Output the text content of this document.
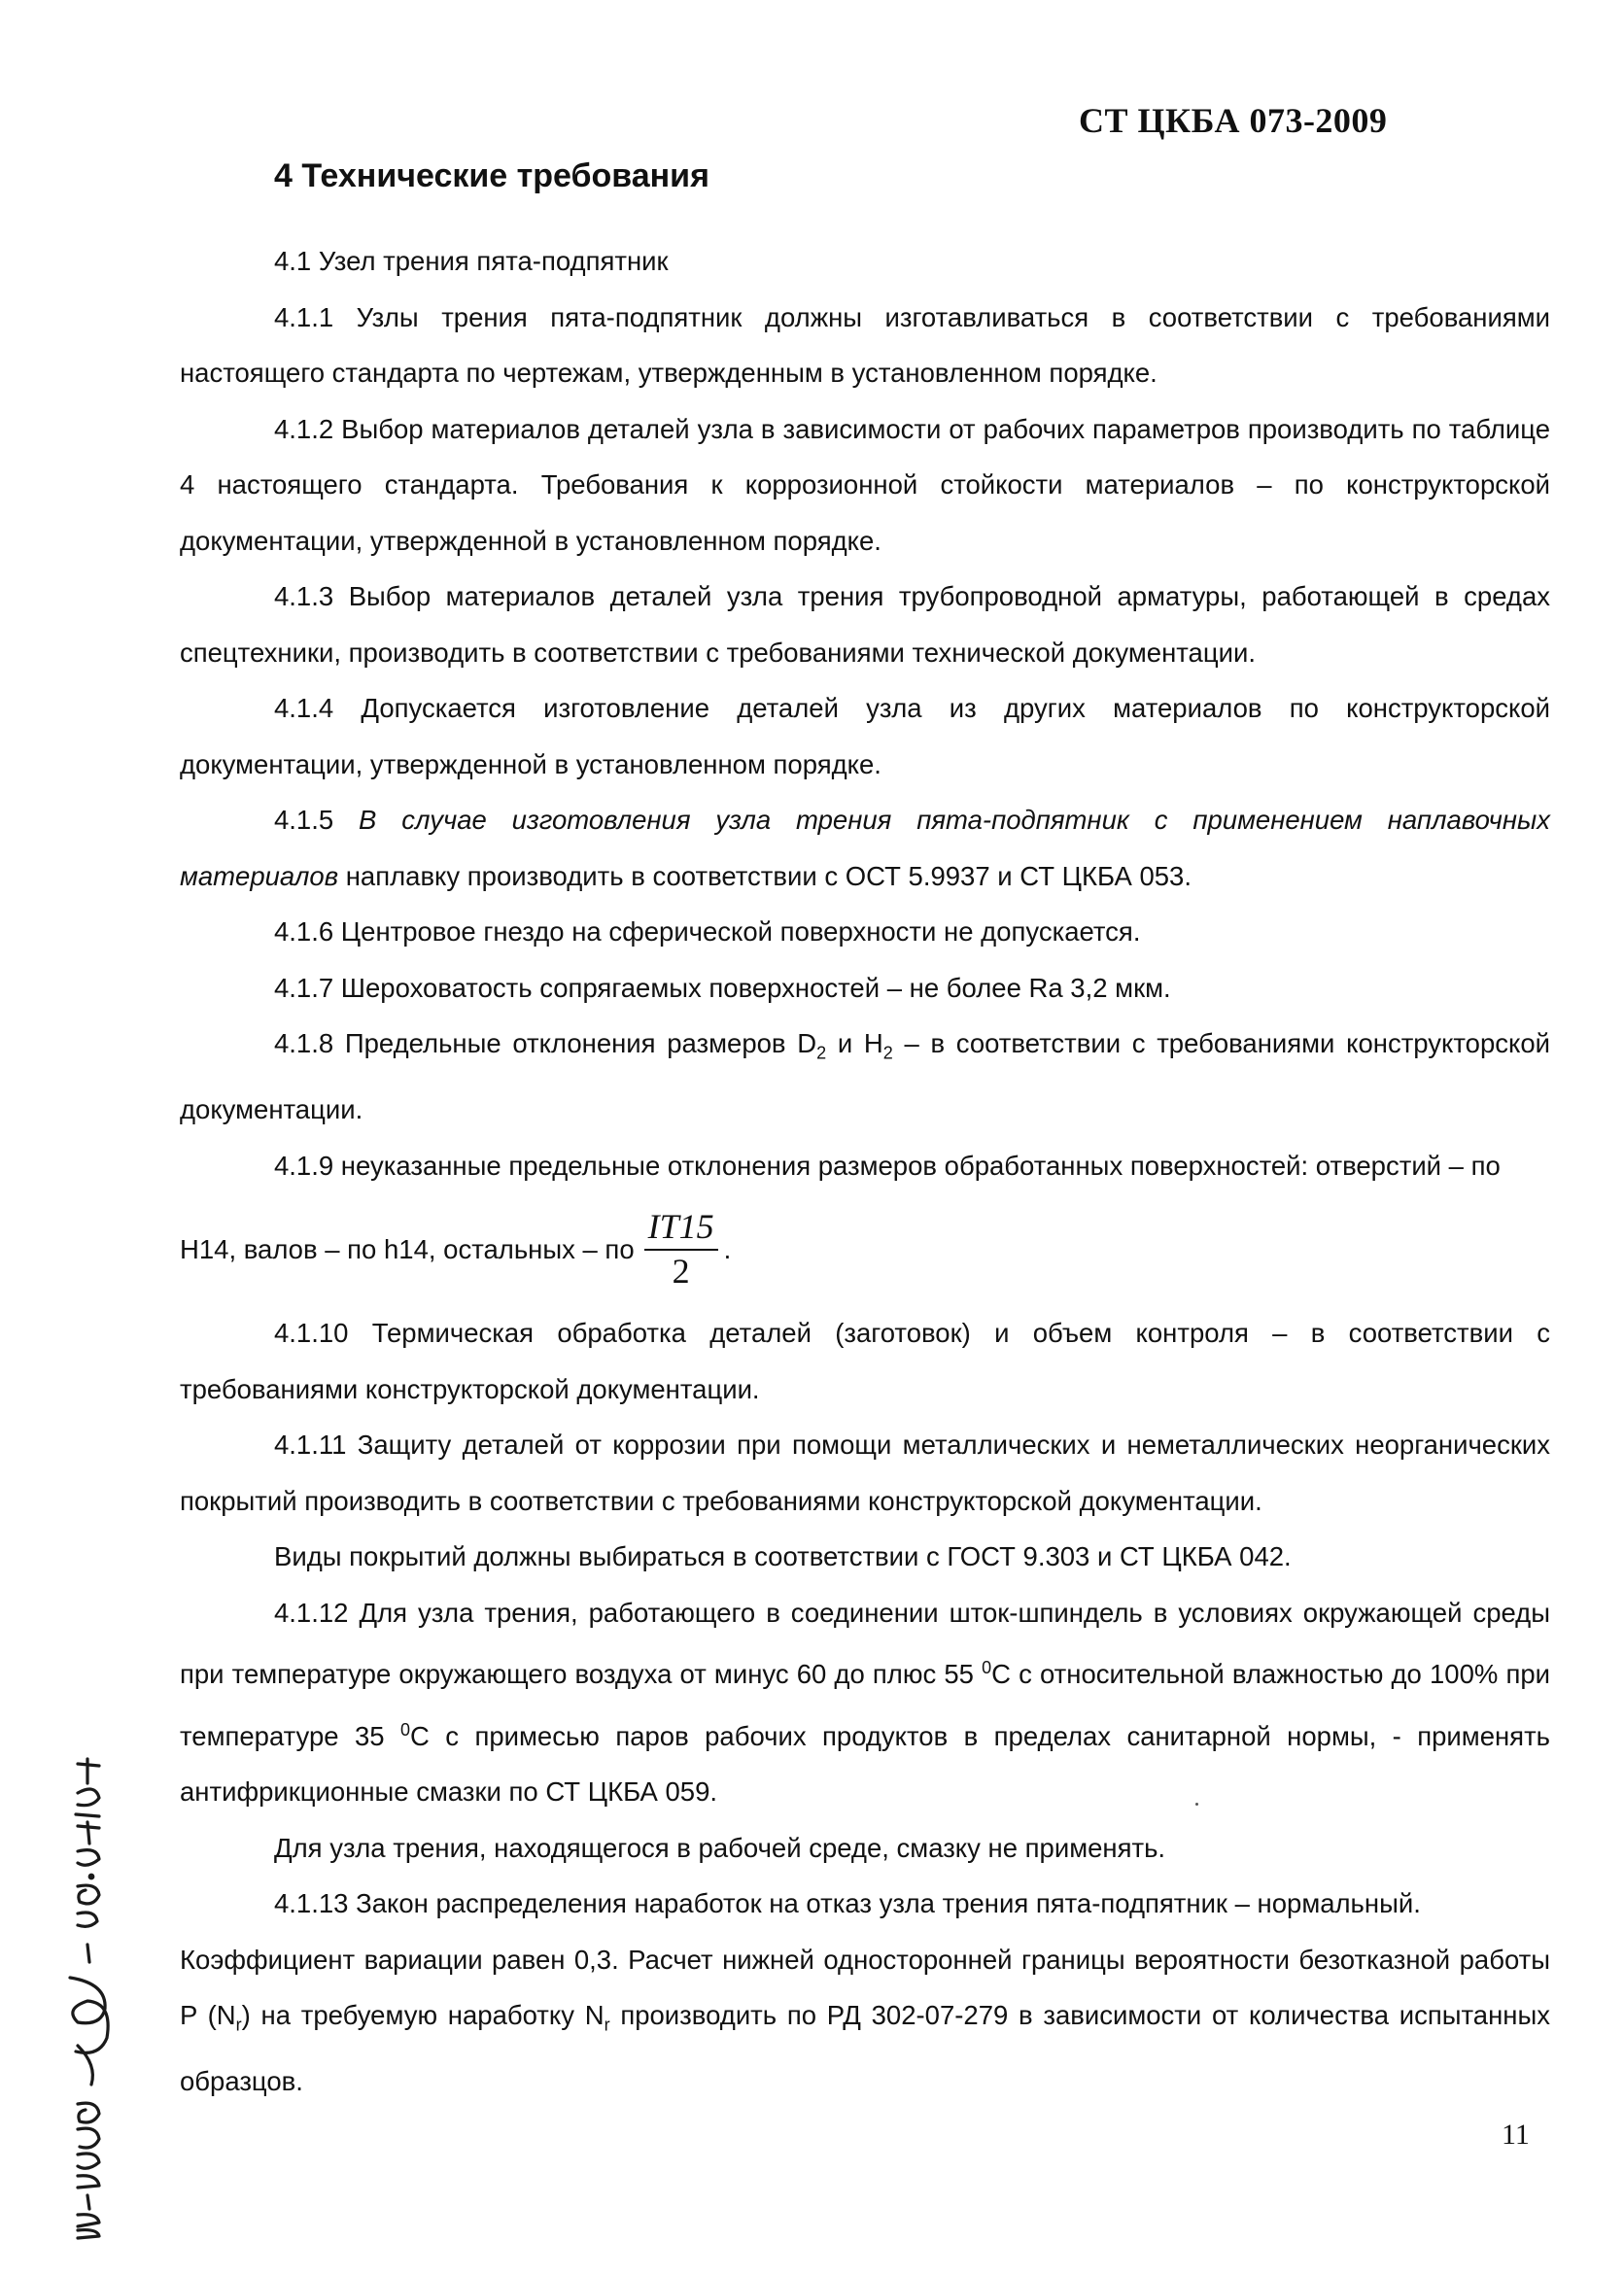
СТ ЦКБА 073-2009
4 Технические требования

4.1 Узел трения пята-подпятник

4.1.1 Узлы трения пята-подпятник должны изготавливаться в соответствии с требованиями настоящего стандарта по чертежам, утвержденным в установленном порядке.

4.1.2 Выбор материалов деталей узла в зависимости от рабочих параметров производить по таблице 4 настоящего стандарта. Требования к коррозионной стойкости материалов – по конструкторской документации, утвержденной в установленном порядке.

4.1.3 Выбор материалов деталей узла трения трубопроводной арматуры, работающей в средах спецтехники, производить в соответствии с требованиями технической документации.

4.1.4 Допускается изготовление деталей узла из других материалов по конструкторской документации, утвержденной в установленном порядке.

4.1.5 В случае изготовления узла трения пята-подпятник с применением наплавочных материалов наплавку производить в соответствии с ОСТ 5.9937 и СТ ЦКБА 053.

4.1.6 Центровое гнездо на сферической поверхности не допускается.

4.1.7 Шероховатость сопрягаемых поверхностей – не более Ra 3,2 мкм.

4.1.8 Предельные отклонения размеров $D_2$ и $H_2$ – в соответствии с требованиями конструкторской документации.

4.1.9 неуказанные предельные отклонения размеров обработанных поверхностей: отверстий – по

H14, валов – по h14, остальных – по $\frac{IT15}{2}$ .

4.1.10 Термическая обработка деталей (заготовок) и объем контроля – в соответствии с требованиями конструкторской документации.

4.1.11 Защиту деталей от коррозии при помощи металлических и неметаллических неорганических покрытий производить в соответствии с требованиями конструкторской документации.

Виды покрытий должны выбираться в соответствии с ГОСТ 9.303 и СТ ЦКБА 042.

4.1.12 Для узла трения, работающего в соединении шток-шпиндель в условиях окружающей среды при температуре окружающего воздуха от минус 60 до плюс 55 $^0$С с относительной влажностью до 100% при температуре 35 $^0$С с примесью паров рабочих продуктов в пределах санитарной нормы, - применять антифрикционные смазки по СТ ЦКБА 059.

Для узла трения, находящегося в рабочей среде, смазку не применять.

4.1.13 Закон распределения наработок на отказ узла трения пята-подпятник – нормальный.

Коэффициент вариации равен 0,3. Расчет нижней односторонней границы вероятности безотказной работы P $(N_r)$ на требуемую наработку $N_r$ производить по РД 302-07-279 в зависимости от количества испытанных образцов.

11
